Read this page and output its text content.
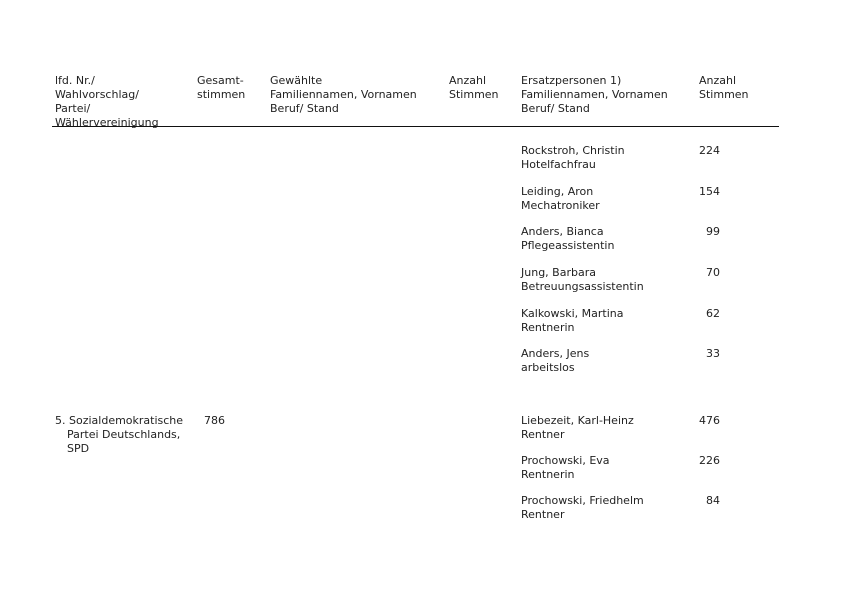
lfd. Nr./
Wahlvorschlag/
Partei/
Wählervereinigung
Gesamt-
stimmen
Gewählte
Familiennamen, Vornamen
Beruf/ Stand
Anzahl
Stimmen
Ersatzpersonen 1)
Familiennamen, Vornamen
Beruf/ Stand
Anzahl
Stimmen
Rockstroh, Christin
Hotelfachfrau
224
Leiding, Aron
Mechatroniker
154
Anders, Bianca
Pflegeassistentin
99
Jung, Barbara
Betreuungsassistentin
70
Kalkowski, Martina
Rentnerin
62
Anders, Jens
arbeitslos
33
5. Sozialdemokratische
Partei Deutschlands,
SPD
786	Liebezeit, Karl-Heinz
Rentner
476
Prochowski, Eva
Rentnerin
226
Prochowski, Friedhelm
Rentner
84
